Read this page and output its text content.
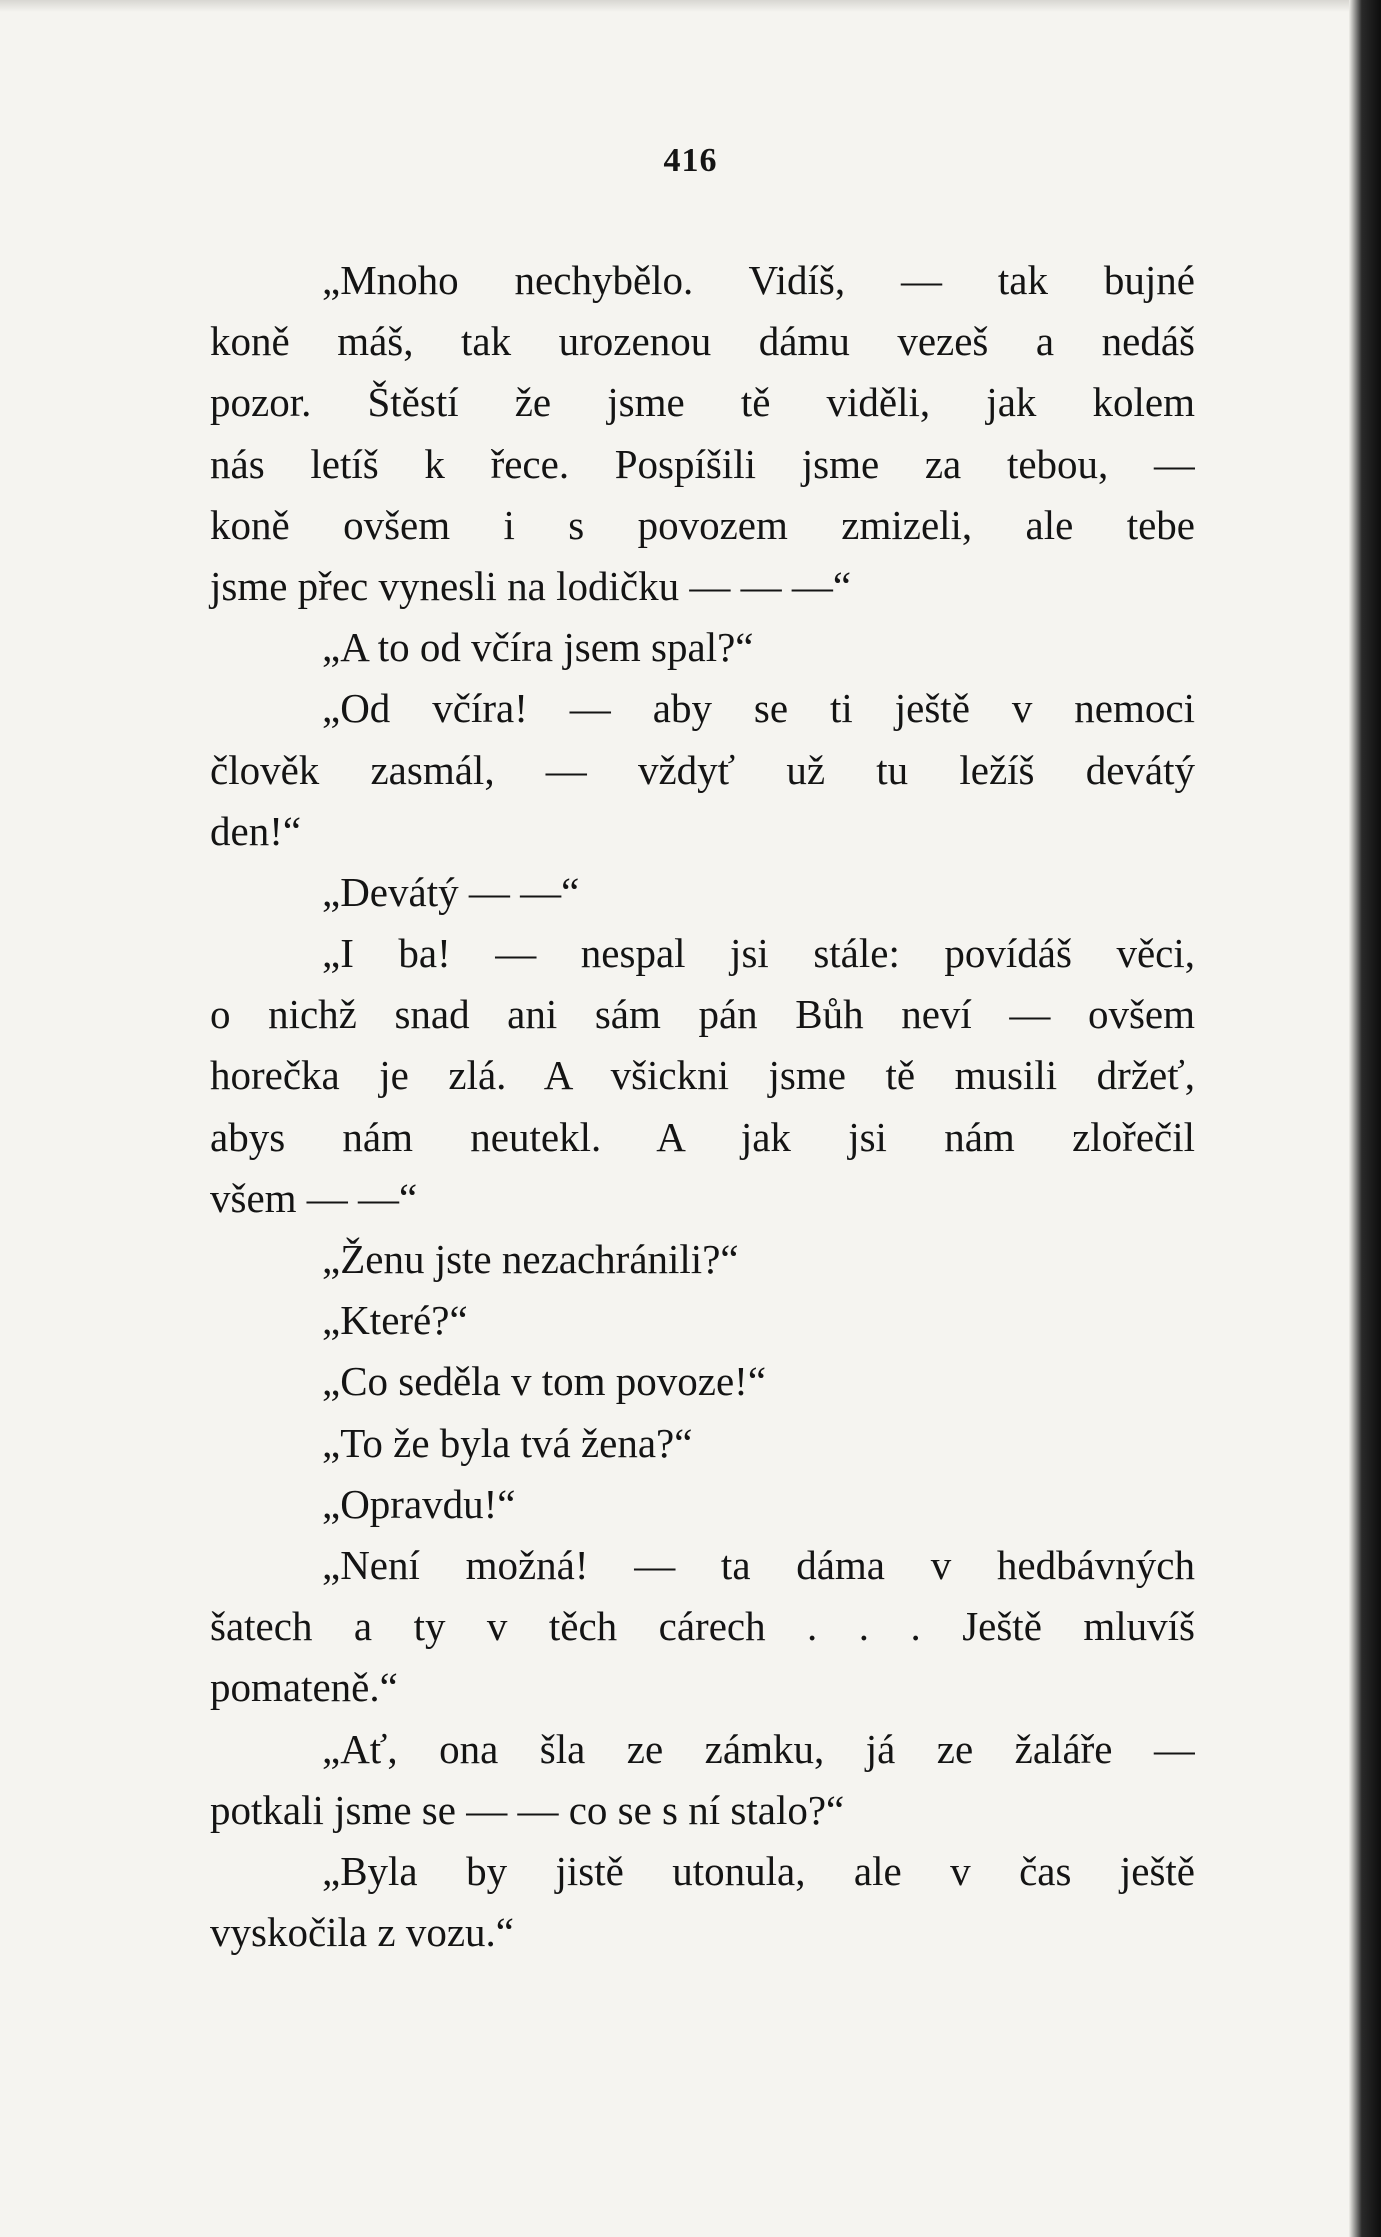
416
„Mnoho nechybělo. Vidíš, — tak bujné
koně máš, tak urozenou dámu vezeš a nedáš
pozor. Štěstí že jsme tě viděli, jak kolem
nás letíš k řece. Pospíšili jsme za tebou, —
koně ovšem i s povozem zmizeli, ale tebe
jsme přec vynesli na lodičku — — —“
„A to od včíra jsem spal?“
„Od včíra! — aby se ti ještě v nemoci
člověk zasmál, — vždyť už tu ležíš devátý
den!“
„Devátý — —“
„I ba! — nespal jsi stále: povídáš věci,
o nichž snad ani sám pán Bůh neví — ovšem
horečka je zlá. A všickni jsme tě musili držeť,
abys nám neutekl. A jak jsi nám zlořečil
všem — —“
„Ženu jste nezachránili?“
„Které?“
„Co seděla v tom povoze!“
„To že byla tvá žena?“
„Opravdu!“
„Není možná! — ta dáma v hedbávných
šatech a ty v těch cárech . . . Ještě mluvíš
pomateně.“
„Ať, ona šla ze zámku, já ze žaláře —
potkali jsme se — — co se s ní stalo?“
„Byla by jistě utonula, ale v čas ještě
vyskočila z vozu.“
